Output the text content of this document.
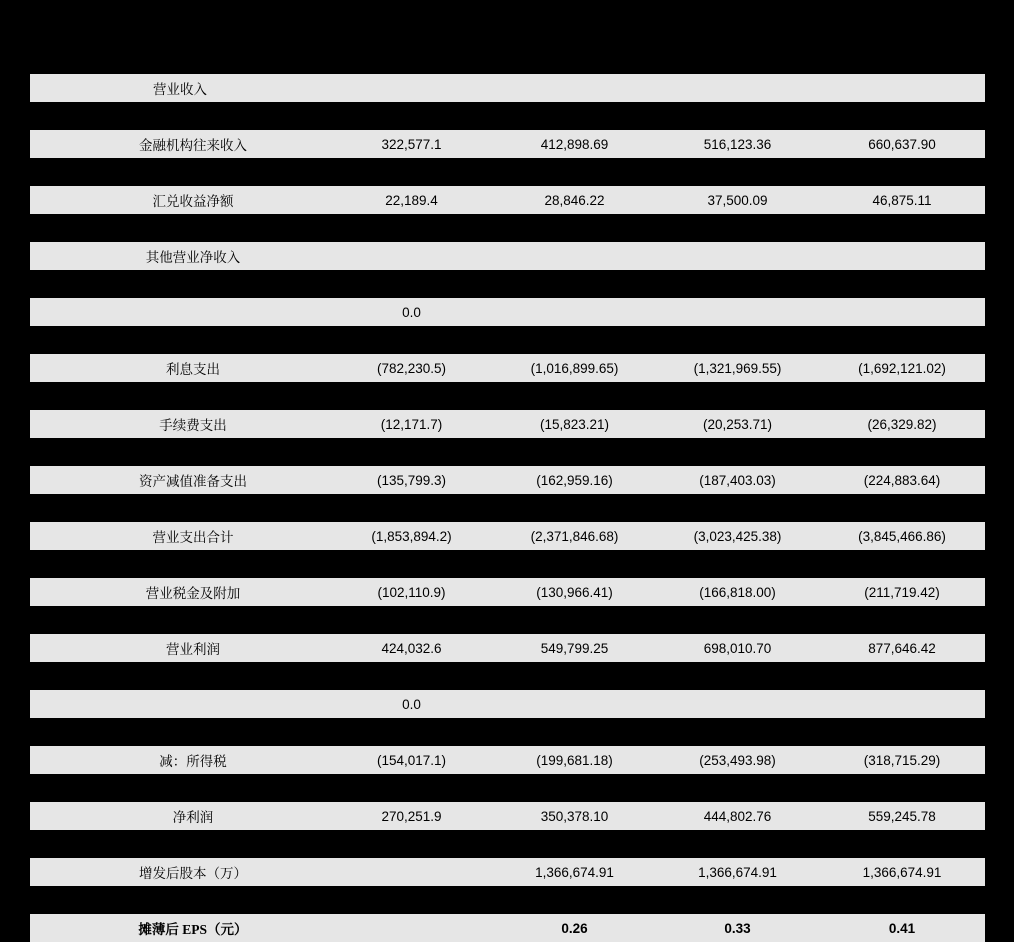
营业收入				

金融机构往来收入	322,577.1	412,898.69	516,123.36	660,637.90

汇兑收益净额	22,189.4	28,846.22	37,500.09	46,875.11

其他营业净收入				

	0.0			

利息支出	(782,230.5)	(1,016,899.65)	(1,321,969.55)	(1,692,121.02)

手续费支出	(12,171.7)	(15,823.21)	(20,253.71)	(26,329.82)

资产减值准备支出	(135,799.3)	(162,959.16)	(187,403.03)	(224,883.64)

营业支出合计	(1,853,894.2)	(2,371,846.68)	(3,023,425.38)	(3,845,466.86)

营业税金及附加	(102,110.9)	(130,966.41)	(166,818.00)	(211,719.42)

营业利润	424,032.6	549,799.25	698,010.70	877,646.42

	0.0			

减：所得税	(154,017.1)	(199,681.18)	(253,493.98)	(318,715.29)

净利润	270,251.9	350,378.10	444,802.76	559,245.78

增发后股本（万）		1,366,674.91	1,366,674.91	1,366,674.91

摊薄后 EPS（元）		0.26	0.33	0.41
